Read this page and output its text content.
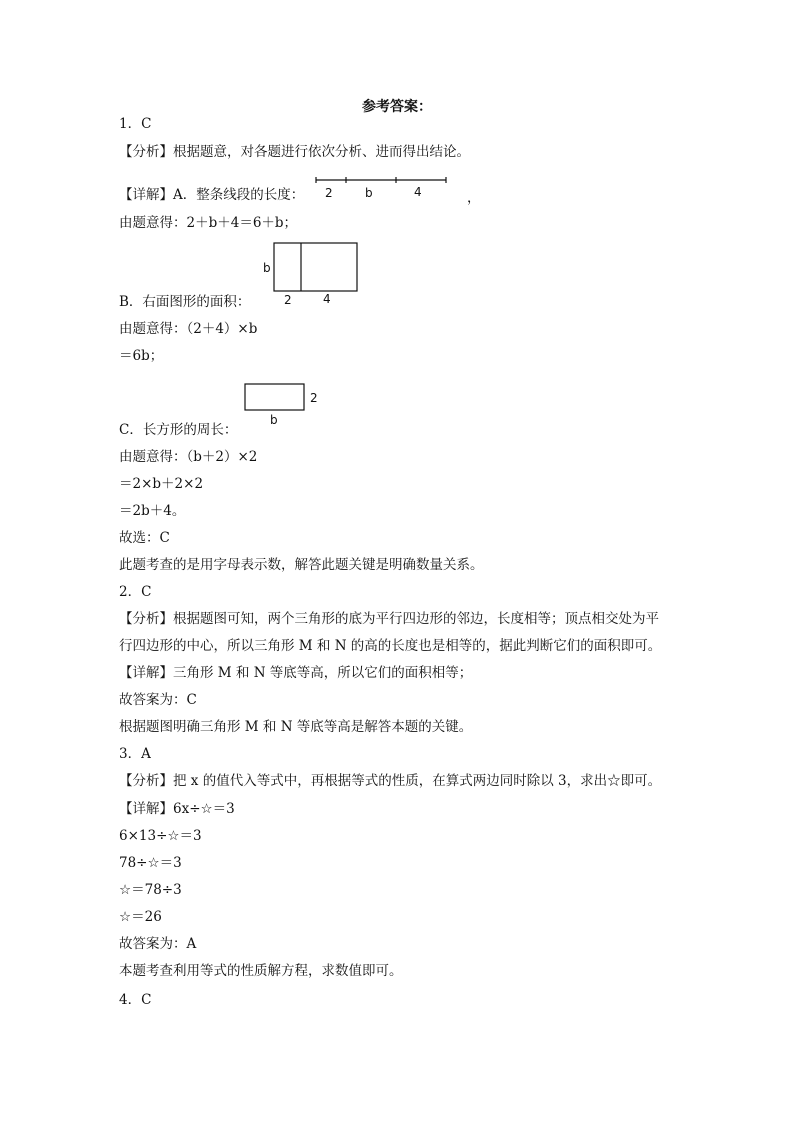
参考答案：
1．C
【分析】根据题意，对各题进行依次分析、进而得出结论。
【详解】A．整条线段的长度： 2	b	4	，
由题意得：2＋b＋4＝6＋b；
b
2	4
B．右面图形的面积：
由题意得：（2＋4）×b
＝6b；
2
b
C．长方形的周长：
由题意得：（b＋2）×2
＝2×b＋2×2
＝2b＋4。
故选：C
此题考查的是用字母表示数，解答此题关键是明确数量关系。
2．C
【分析】根据题图可知，两个三角形的底为平行四边形的邻边，长度相等；顶点相交处为平
行四边形的中心，所以三角形 M 和 N 的高的长度也是相等的，据此判断它们的面积即可。
【详解】三角形 M 和 N 等底等高，所以它们的面积相等；
故答案为：C
根据题图明确三角形 M 和 N 等底等高是解答本题的关键。
3．A
【分析】把 x 的值代入等式中，再根据等式的性质，在算式两边同时除以 3，求出☆即可。
【详解】6x÷☆＝3
6×13÷☆＝3
78÷☆＝3
☆＝78÷3
☆＝26
故答案为：A
本题考查利用等式的性质解方程，求数值即可。
4．C
